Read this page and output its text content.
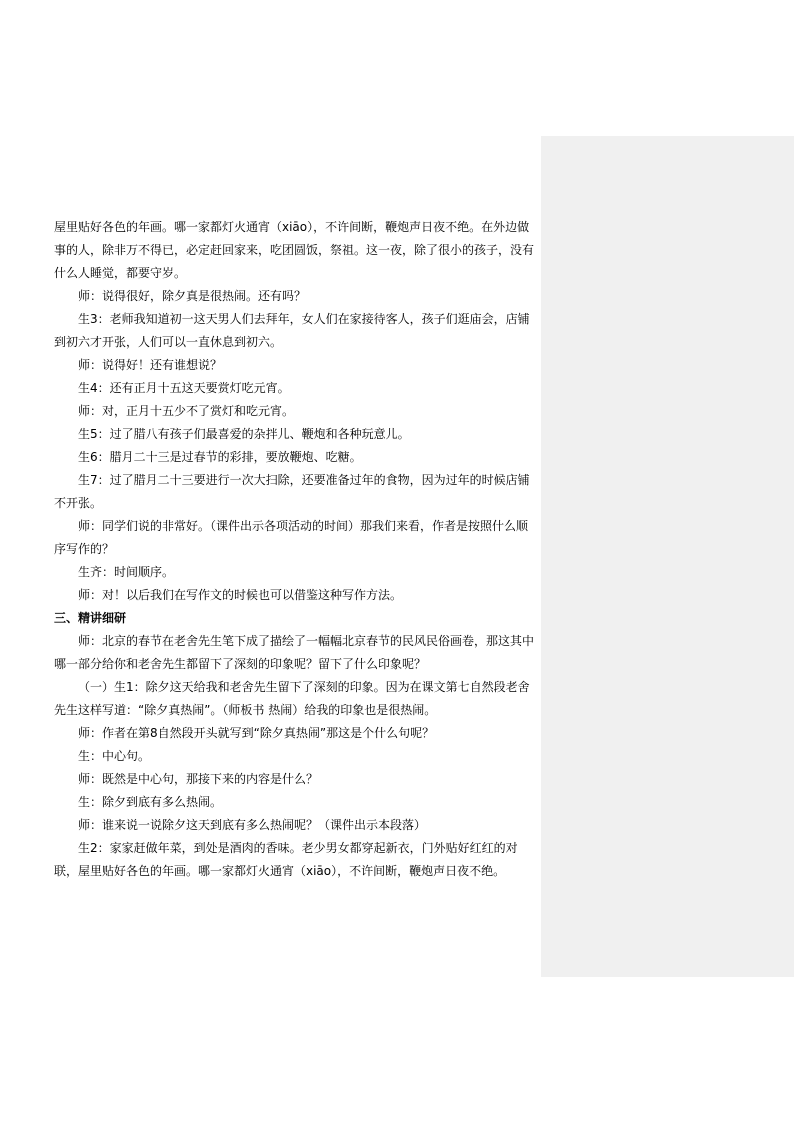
屋里贴好各色的年画。哪一家都灯火通宵（xiāo），不许间断，鞭炮声日夜不绝。在外边做事的人，除非万不得已，必定赶回家来，吃团圆饭，祭祖。这一夜，除了很小的孩子，没有什么人睡觉，都要守岁。

师：说得很好，除夕真是很热闹。还有吗？

生3：老师我知道初一这天男人们去拜年，女人们在家接待客人，孩子们逛庙会，店铺到初六才开张，人们可以一直休息到初六。

师：说得好！还有谁想说？

生4：还有正月十五这天要赏灯吃元宵。

师：对，正月十五少不了赏灯和吃元宵。

生5：过了腊八有孩子们最喜爱的杂拌儿、鞭炮和各种玩意儿。

生6：腊月二十三是过春节的彩排，要放鞭炮、吃糖。

生7：过了腊月二十三要进行一次大扫除，还要准备过年的食物，因为过年的时候店铺不开张。

师：同学们说的非常好。（课件出示各项活动的时间）那我们来看，作者是按照什么顺序写作的？

生齐：时间顺序。

师：对！以后我们在写作文的时候也可以借鉴这种写作方法。

三、精讲细研

师：北京的春节在老舍先生笔下成了描绘了一幅幅北京春节的民风民俗画卷，那这其中哪一部分给你和老舍先生都留下了深刻的印象呢？留下了什么印象呢？

（一）生1：除夕这天给我和老舍先生留下了深刻的印象。因为在课文第七自然段老舍先生这样写道：“除夕真热闹”。（师板书 热闹）给我的印象也是很热闹。

师：作者在第8自然段开头就写到“除夕真热闹”那这是个什么句呢？

生：中心句。

师：既然是中心句，那接下来的内容是什么？

生：除夕到底有多么热闹。

师：谁来说一说除夕这天到底有多么热闹呢？（课件出示本段落）

生2：家家赶做年菜，到处是酒肉的香味。老少男女都穿起新衣，门外贴好红红的对联，屋里贴好各色的年画。哪一家都灯火通宵（xiāo），不许间断，鞭炮声日夜不绝。
